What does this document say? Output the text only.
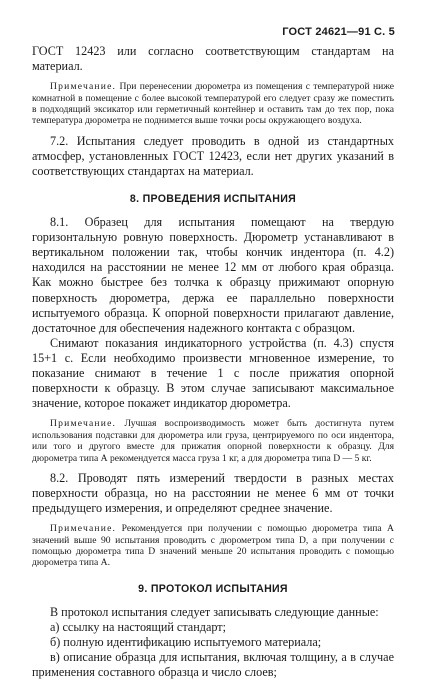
ГОСТ 24621—91 С. 5

ГОСТ 12423 или согласно соответствующим стандартам на материал.

Примечание. При перенесении дюрометра из помещения с температурой ниже комнатной в помещение с более высокой температурой его следует сразу же поместить в подходящий эксикатор или герметичный контейнер и оставить там до тех пор, пока температура дюрометра не поднимется выше точки росы окружающего воздуха.

7.2. Испытания следует проводить в одной из стандартных атмосфер, установленных ГОСТ 12423, если нет других указаний в соответствующих стандартах на материал.

8. ПРОВЕДЕНИЯ ИСПЫТАНИЯ

8.1. Образец для испытания помещают на твердую горизонтальную ровную поверхность. Дюрометр устанавливают в вертикальном положении так, чтобы кончик индентора (п. 4.2) находился на расстоянии не менее 12 мм от любого края образца. Как можно быстрее без толчка к образцу прижимают опорную поверхность дюрометра, держа ее параллельно поверхности испытуемого образца. К опорной поверхности прилагают давление, достаточное для обеспечения надежного контакта с образцом.

Снимают показания индикаторного устройства (п. 4.3) спустя 15+1 с. Если необходимо произвести мгновенное измерение, то показание снимают в течение 1 с после прижатия опорной поверхности к образцу. В этом случае записывают максимальное значение, которое покажет индикатор дюрометра.

Примечание. Лучшая воспроизводимость может быть достигнута путем использования подставки для дюрометра или груза, центрируемого по оси индентора, или того и другого вместе для прижатия опорной поверхности к образцу. Для дюрометра типа А рекомендуется масса груза 1 кг, а для дюрометра типа D — 5 кг.

8.2. Проводят пять измерений твердости в разных местах поверхности образца, но на расстоянии не менее 6 мм от точки предыдущего измерения, и определяют среднее значение.

Примечание. Рекомендуется при получении с помощью дюрометра типа А значений выше 90 испытания проводить с дюрометром типа D, а при получении с помощью дюрометра типа D значений меньше 20 испытания проводить с помощью дюрометра типа А.

9. ПРОТОКОЛ ИСПЫТАНИЯ

В протокол испытания следует записывать следующие данные:

а) ссылку на настоящий стандарт;

б) полную идентификацию испытуемого материала;

в) описание образца для испытания, включая толщину, а в случае применения составного образца и число слоев;
